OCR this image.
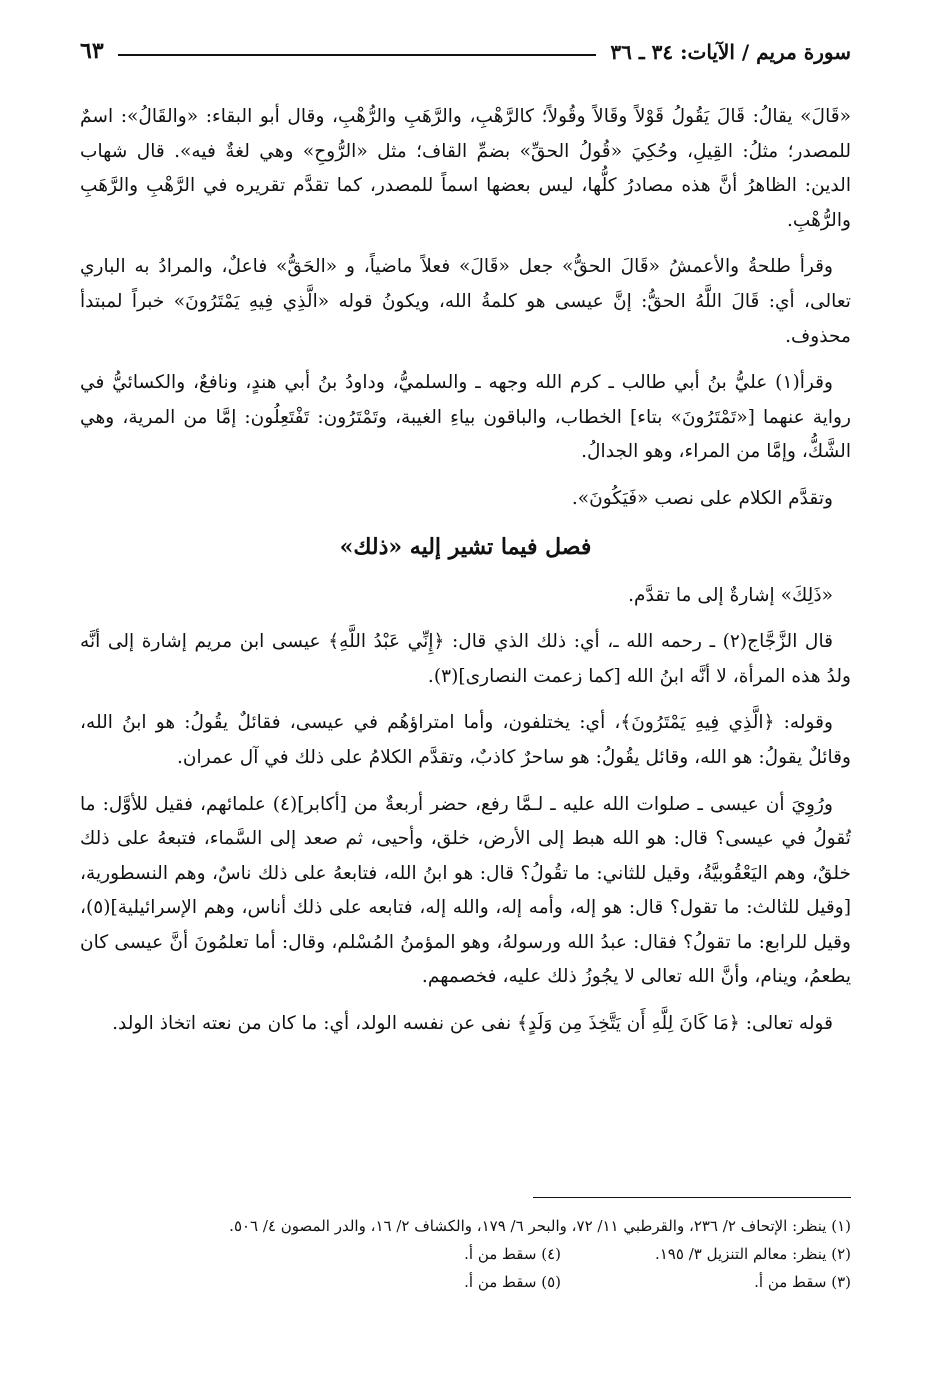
سورة مريم / الآيات: ٣٤ ـ ٣٦
٦٣

«قَالَ» يقالُ: قَالَ يَقُولُ قَوْلاً وقَالاً وقُولاً؛ كالرَّهْبِ، والرَّهَبِ والرُّهْبِ، وقال أبو البقاء: «والقَالُ»: اسمٌ للمصدر؛ مثلُ: القِيلِ، وحُكِيَ «قُولُ الحقِّ» بضمِّ القاف؛ مثل «الرُّوحِ» وهي لغةٌ فيه». قال شهاب الدين: الظاهرُ أنَّ هذه مصادرُ كلُّها، ليس بعضها اسماً للمصدر، كما تقدَّم تقريره في الرَّهْبِ والرَّهَبِ والرُّهْبِ.

وقرأ طلحةُ والأعمشُ «قَالَ الحقُّ» جعل «قَالَ» فعلاً ماضياً، و «الحَقُّ» فاعلٌ، والمرادُ به الباري تعالى، أي: قَالَ اللَّهُ الحقُّ: إنَّ عيسى هو كلمةُ الله، ويكونُ قوله «الَّذِي فِيهِ يَمْتَرُونَ» خبراً لمبتدأ محذوف.

وقرأ(١) عليُّ بنُ أبي طالب ـ كرم الله وجهه ـ والسلميُّ، وداودُ بنُ أبي هندٍ، ونافعٌ، والكسائيُّ في رواية عنهما [«تَمْتَرُونَ» بتاء] الخطاب، والباقون بياءِ الغيبة، وتَمْتَرُون: تَفْتَعِلُون: إمَّا من المرية، وهي الشَّكُّ، وإمَّا من المراء، وهو الجدالُ.

وتقدَّم الكلام على نصب «فَيَكُونَ».

فصل فيما تشير إليه «ذلك»

«ذَلِكَ» إشارةٌ إلى ما تقدَّم.

قال الزَّجَّاج(٢) ـ رحمه الله ـ، أي: ذلك الذي قال: ﴿إِنِّي عَبْدُ اللَّهِ﴾ عيسى ابن مريم إشارة إلى أنَّه ولدُ هذه المرأة، لا أنَّه ابنُ الله [كما زعمت النصارى](٣).

وقوله: ﴿الَّذِي فِيهِ يَمْتَرُونَ﴾، أي: يختلفون، وأما امتراؤهُم في عيسى، فقائلٌ يقُولُ: هو ابنُ الله، وقائلٌ يقولُ: هو الله، وقائل يقُولُ: هو ساحرٌ كاذبٌ، وتقدَّم الكلامُ على ذلك في آل عمران.

ورُوِيَ أن عيسى ـ صلوات الله عليه ـ لـمَّا رفع، حضر أربعةٌ من [أكابر](٤) علمائهم، فقيل للأوَّل: ما تُقولُ في عيسى؟ قال: هو الله هبط إلى الأرض، خلق، وأحيى، ثم صعد إلى السَّماء، فتبعهُ على ذلك خلقٌ، وهم اليَعْقُوبيَّةُ، وقيل للثاني: ما تقُولُ؟ قال: هو ابنُ الله، فتابعهُ على ذلك ناسٌ، وهم النسطورية، [وقيل للثالث: ما تقول؟ قال: هو إله، وأمه إله، والله إله، فتابعه على ذلك أناس، وهم الإسرائيلية](٥)، وقيل للرابع: ما تقولُ؟ فقال: عبدُ الله ورسولهُ، وهو المؤمنُ المُسْلم، وقال: أما تعلمُونَ أنَّ عيسى كان يطعمُ، وينام، وأنَّ الله تعالى لا يجُوزُ ذلك عليه، فخصمهم.

قوله تعالى: ﴿مَا كَانَ لِلَّهِ أَن يَتَّخِذَ مِن وَلَدٍ﴾ نفى عن نفسه الولد، أي: ما كان من نعته اتخاذ الولد.

(١) ينظر: الإتحاف ٢/ ٢٣٦، والقرطبي ١١/ ٧٢، والبحر ٦/ ١٧٩، والكشاف ٢/ ١٦، والدر المصون ٤/ ٥٠٦.
(٢) ينظر: معالم التنزيل ٣/ ١٩٥.
(٤) سقط من أ.
(٣) سقط من أ.
(٥) سقط من أ.
